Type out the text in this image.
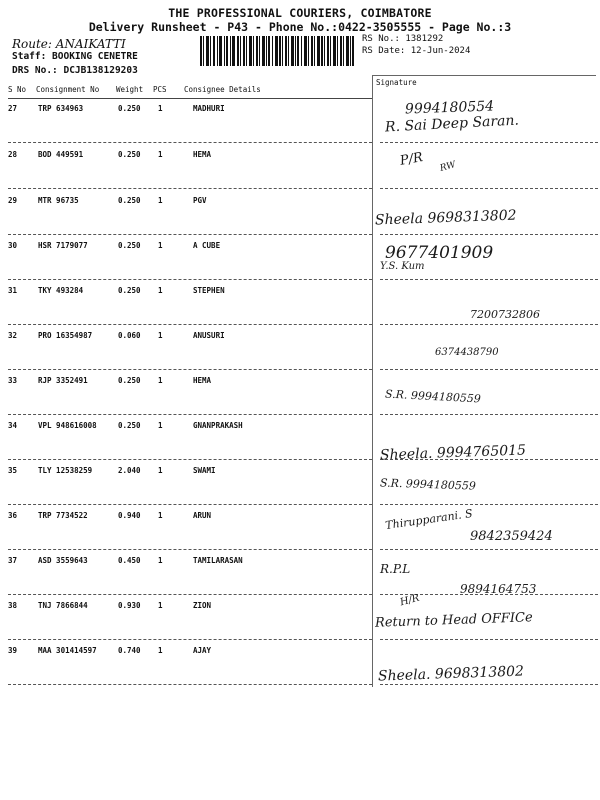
THE PROFESSIONAL COURIERS, COIMBATORE
Delivery Runsheet - P43 - Phone No.:0422-3505555 - Page No.:3
Route: ANAIKATTI
Staff: BOOKING CENETRE
DRS No.: DCJB138129203
RS No.: 1381292
RS Date: 12-Jun-2024
S No Consignment No Weight PCS Consignee Details
Signature
27	TRP 634963	0.250 1	MADHURI	9994180554
R. Sai Deep Saran.
28	BOD 449591	0.250 1	HEMA	P/R RW
29	MTR 96735	0.250 1	PGV
Sheela 9698313802
30	HSR 7179077	0.250 1	A CUBE	9677401909
Y.S. Kum
31	TKY 493284	0.250 1	STEPHEN
7200732806
32	PRO 16354987	0.060 1	ANUSURI
6374438790
33	RJP 3352491	0.250 1	HEMA
S.R. 9994180559
34	VPL 948616008	0.250 1	GNANPRAKASH
Sheela. 9994765015
35	TLY 12538259	2.040 1	SWAMI
S.R. 9994180559
36	TRP 7734522	0.940 1	ARUN	Thirupparani. S
9842359424
37	ASD 3559643	0.450 1	TAMILARASAN
R.P.L
9894164753
38	TNJ 7866844	0.930 1	ZION	H/R
Return to Head OFFICe
39	MAA 301414597	0.740 1	AJAY
Sheela. 9698313802
